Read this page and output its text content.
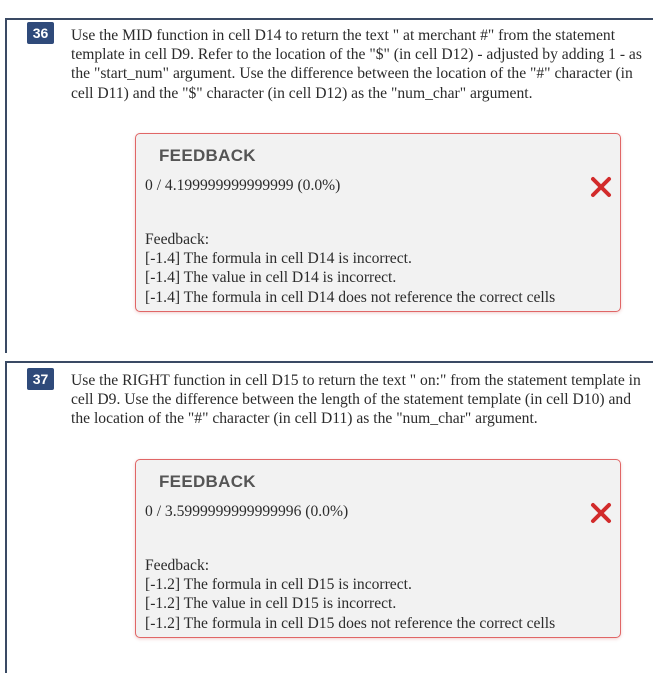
36	Use the MID function in cell D14 to return the text " at merchant #" from the statement template in cell D9. Refer to the location of the "$" (in cell D12) - adjusted by adding 1 - as the "start_num" argument. Use the difference between the location of the "#" character (in cell D11) and the "$" character (in cell D12) as the "num_char" argument.
FEEDBACK
0 / 4.199999999999999 (0.0%)
Feedback:
[-1.4] The formula in cell D14 is incorrect.
[-1.4] The value in cell D14 is incorrect.
[-1.4] The formula in cell D14 does not reference the correct cells
37	Use the RIGHT function in cell D15 to return the text " on:" from the statement template in cell D9. Use the difference between the length of the statement template (in cell D10) and the location of the "#" character (in cell D11) as the "num_char" argument.
FEEDBACK
0 / 3.5999999999999996 (0.0%)
Feedback:
[-1.2] The formula in cell D15 is incorrect.
[-1.2] The value in cell D15 is incorrect.
[-1.2] The formula in cell D15 does not reference the correct cells
